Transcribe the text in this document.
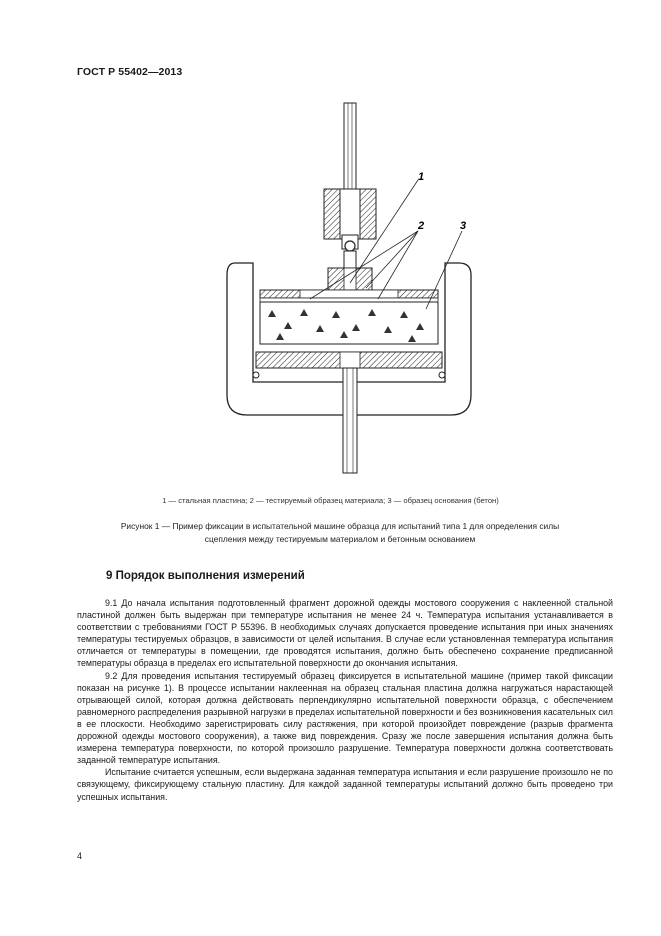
ГОСТ Р 55402—2013
1
2	3
1 — стальная пластина; 2 — тестируемый образец материала; 3 — образец основания (бетон)
Рисунок 1 — Пример фиксации в испытательной машине образца для испытаний типа 1 для определения силы
сцепления между тестируемым материалом и бетонным основанием
9 Порядок выполнения измерений

9.1 До начала испытания подготовленный фрагмент дорожной одежды мостового сооружения с наклеенной стальной пластиной должен быть выдержан при температуре испытания не менее 24 ч. Температура испытания устанавливается в соответствии с требованиями ГОСТ Р 55396. В необходимых случаях допускается проведение испытания при иных значениях температуры тестируемых образцов, в зависимости от целей испытания. В случае если установленная температура испытания отличается от температуры в помещении, где проводятся испытания, должно быть обеспечено сохранение предписанной температуры образца в пределах его испытательной поверхности до окончания испытания.

9.2 Для проведения испытания тестируемый образец фиксируется в испытательной машине (пример такой фиксации показан на рисунке 1). В процессе испытании наклеенная на образец стальная пластина должна нагружаться нарастающей отрывающей силой, которая должна действовать перпендикулярно испытательной поверхности образца, с обеспечением равномерного распределения разрывной нагрузки в пределах испытательной поверхности и без возникновения касательных сил в ее плоскости. Необходимо зарегистрировать силу растяжения, при которой произойдет повреждение (разрыв фрагмента дорожной одежды мостового сооружения), а также вид повреждения. Сразу же после завершения испытания должна быть измерена температура поверхности, по которой произошло разрушение. Температура поверхности должна соответствовать заданной температуре испытания.

Испытание считается успешным, если выдержана заданная температура испытания и если разрушение произошло не по связующему, фиксирующему стальную пластину. Для каждой заданной температуры испытаний должно быть проведено три успешных испытания.

4
